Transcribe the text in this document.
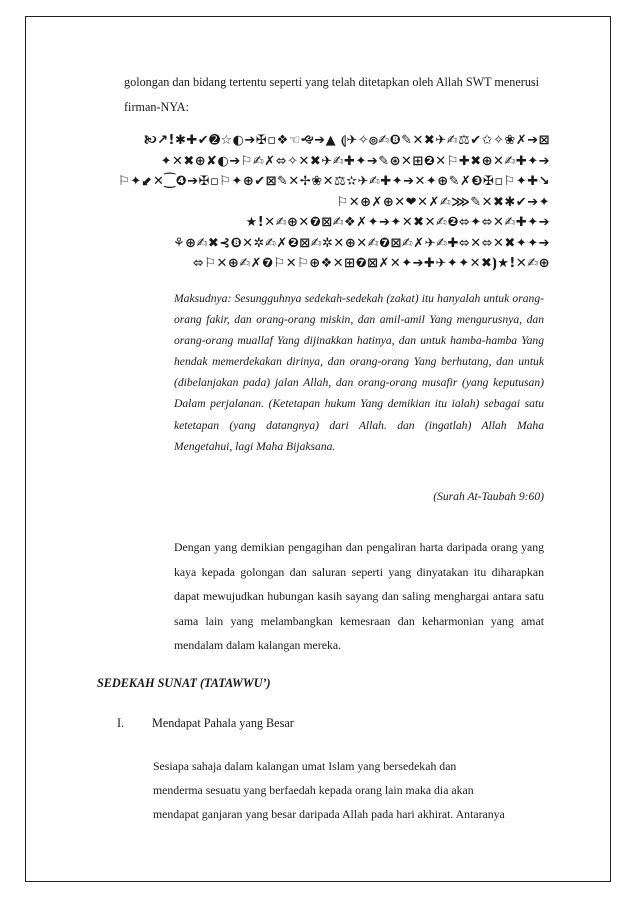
golongan dan bidang tertentu seperti yang telah ditetapkan oleh Allah SWT menerusi firman-NYA:
🙠↗!✱✚✔➋☆◐➔✠▫❖☜🙙➔▲ ⦇✈✧⦾✍❽✎✕✖✈✍⚖✔✩✧❀✗➔⊠
✦✕✖⊕✘◐➔⚐✍✗⬄✧✕✖✈✍✚✦➔✎⊛✕⊞❷✕⚐✚✖⊕✕✍✚✦➔
⚐✦⬋✕⁐❹➔✠▫⚐✦⊕✔⊠✎✕✢❀✕⚖✫✈✍✚✦➔✕✦⊕✎✗❸✠▫⚐✦✚↘
⚐✕⊕✗⊕✕❤✕✗✍⋙✎✕✖✱✔➔✦
★!✕✍⊕✕❼⊠✍❖✗✦➔✦✕✖✕✍❷⬄✦⬄✕✍✚✦➔
⚘⊕✍✖⊰❽✕✲✍✗❷⊠✍✲✕⊕✕✍❼⊠✍✗✈✍✚⬄✕⬄✕✖✦✦➔
⬄⚐✕⊕✍✗❼⚐✕⚐⊕❖✕⊞❼⊠✗✕✦➔✚✈✦✦✕✖⦘★!✕✍⊕
Maksudnya: Sesungguhnya sedekah-sedekah (zakat) itu hanyalah untuk orang-orang fakir, dan orang-orang miskin, dan amil-amil Yang mengurusnya, dan orang-orang muallaf Yang dijinakkan hatinya, dan untuk hamba-hamba Yang hendak memerdekakan dirinya, dan orang-orang Yang berhutang, dan untuk (dibelanjakan pada) jalan Allah, dan orang-orang musafir (yang keputusan) Dalam perjalanan. (Ketetapan hukum Yang demikian itu ialah) sebagai satu ketetapan (yang datangnya) dari Allah. dan (ingatlah) Allah Maha Mengetahui, lagi Maha Bijaksana.
(Surah At-Taubah 9:60)
Dengan yang demikian pengagihan dan pengaliran harta daripada orang yang kaya kepada golongan dan saluran seperti yang dinyatakan itu diharapkan dapat mewujudkan hubungan kasih sayang dan saling menghargai antara satu sama lain yang melambangkan kemesraan dan keharmonian yang amat mendalam dalam kalangan mereka.
SEDEKAH SUNAT (TATAWWU’)
I. Mendapat Pahala yang Besar
Sesiapa sahaja dalam kalangan umat Islam yang bersedekah dan
menderma sesuatu yang berfaedah kepada orang lain maka dia akan
mendapat ganjaran yang besar daripada Allah pada hari akhirat. Antaranya
